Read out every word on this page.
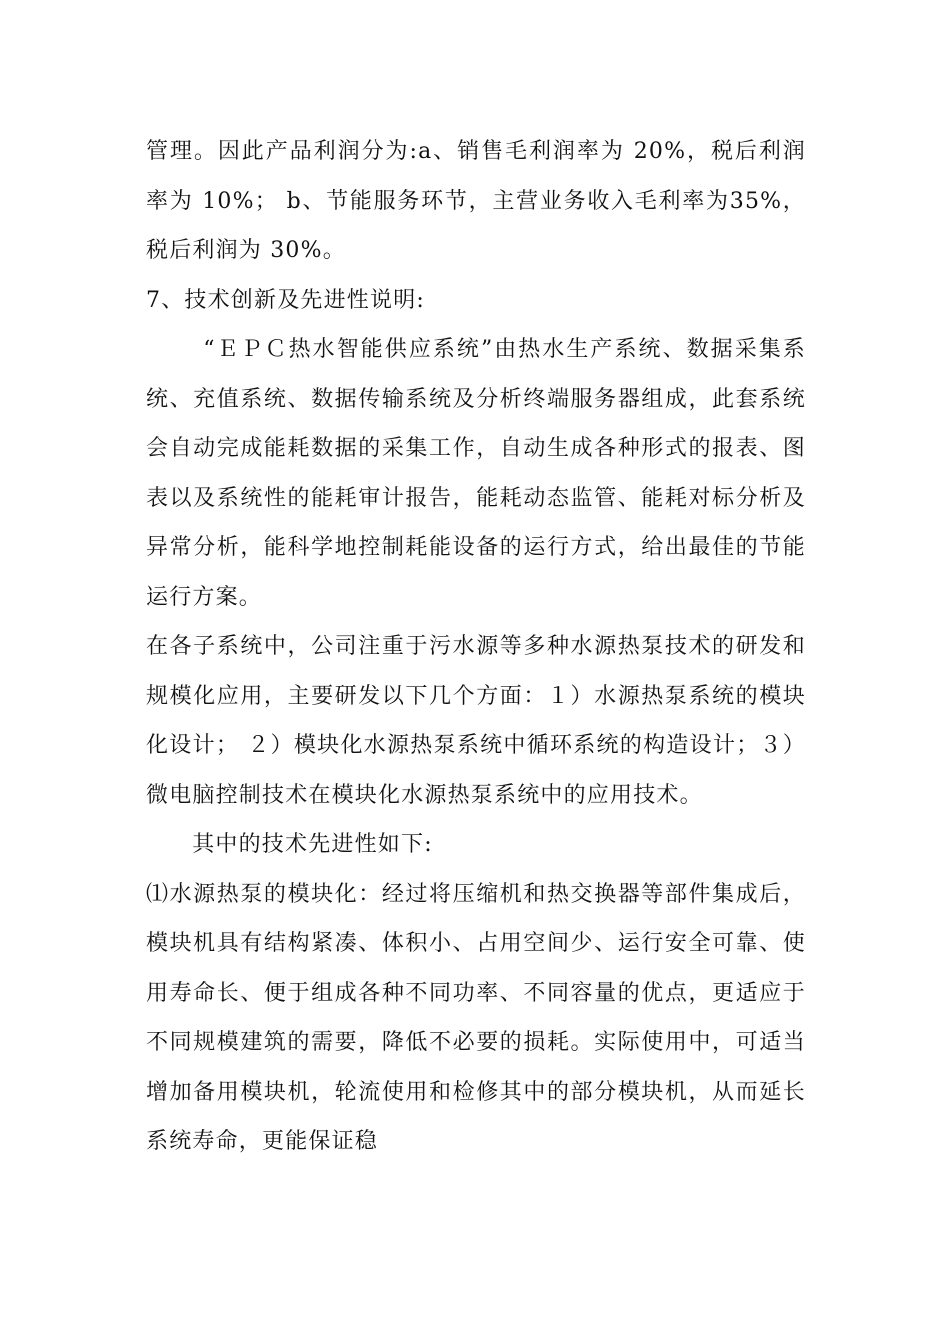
管理。因此产品利润分为:a、销售毛利润率为 20%，税后利润率为 10%； b、节能服务环节，主营业务收入毛利率为35%，税后利润为 30%。

7、技术创新及先进性说明:

“ＥＰＣ热水智能供应系统”由热水生产系统、数据采集系统、充值系统、数据传输系统及分析终端服务器组成，此套系统会自动完成能耗数据的采集工作，自动生成各种形式的报表、图表以及系统性的能耗审计报告，能耗动态监管、能耗对标分析及异常分析，能科学地控制耗能设备的运行方式，给出最佳的节能运行方案。

在各子系统中，公司注重于污水源等多种水源热泵技术的研发和规模化应用，主要研发以下几个方面：１）水源热泵系统的模块化设计； ２）模块化水源热泵系统中循环系统的构造设计；３）微电脑控制技术在模块化水源热泵系统中的应用技术。

其中的技术先进性如下:

⑴水源热泵的模块化：经过将压缩机和热交换器等部件集成后，模块机具有结构紧凑、体积小、占用空间少、运行安全可靠、使用寿命长、便于组成各种不同功率、不同容量的优点，更适应于不同规模建筑的需要，降低不必要的损耗。实际使用中，可适当增加备用模块机，轮流使用和检修其中的部分模块机，从而延长系统寿命，更能保证稳
